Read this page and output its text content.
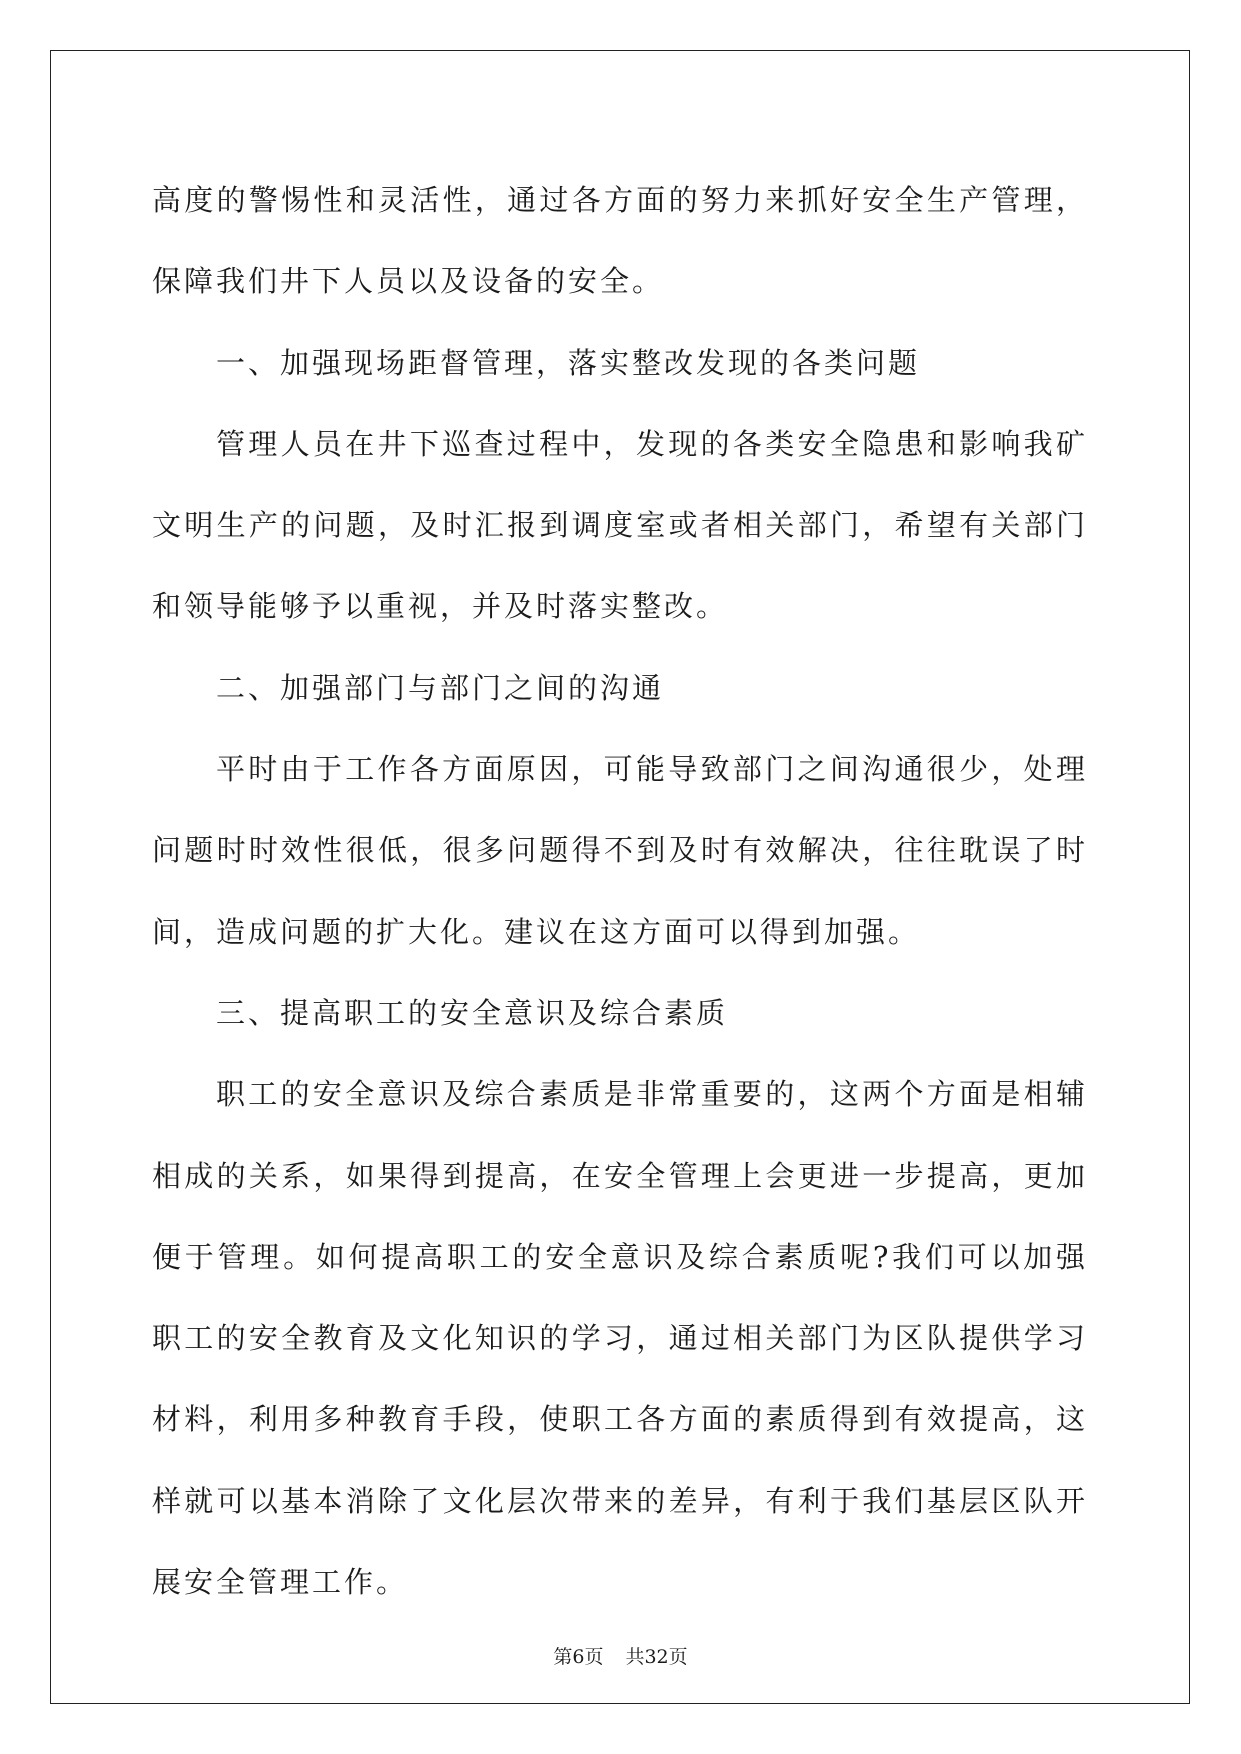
高度的警惕性和灵活性，通过各方面的努力来抓好安全生产管理，保障我们井下人员以及设备的安全。

一、加强现场距督管理，落实整改发现的各类问题

管理人员在井下巡查过程中，发现的各类安全隐患和影响我矿文明生产的问题，及时汇报到调度室或者相关部门，希望有关部门和领导能够予以重视，并及时落实整改。

二、加强部门与部门之间的沟通

平时由于工作各方面原因，可能导致部门之间沟通很少，处理问题时时效性很低，很多问题得不到及时有效解决，往往耽误了时间，造成问题的扩大化。建议在这方面可以得到加强。

三、提高职工的安全意识及综合素质

职工的安全意识及综合素质是非常重要的，这两个方面是相辅相成的关系，如果得到提高，在安全管理上会更进一步提高，更加便于管理。如何提高职工的安全意识及综合素质呢?我们可以加强职工的安全教育及文化知识的学习，通过相关部门为区队提供学习材料，利用多种教育手段，使职工各方面的素质得到有效提高，这样就可以基本消除了文化层次带来的差异，有利于我们基层区队开展安全管理工作。

第6页 共32页
